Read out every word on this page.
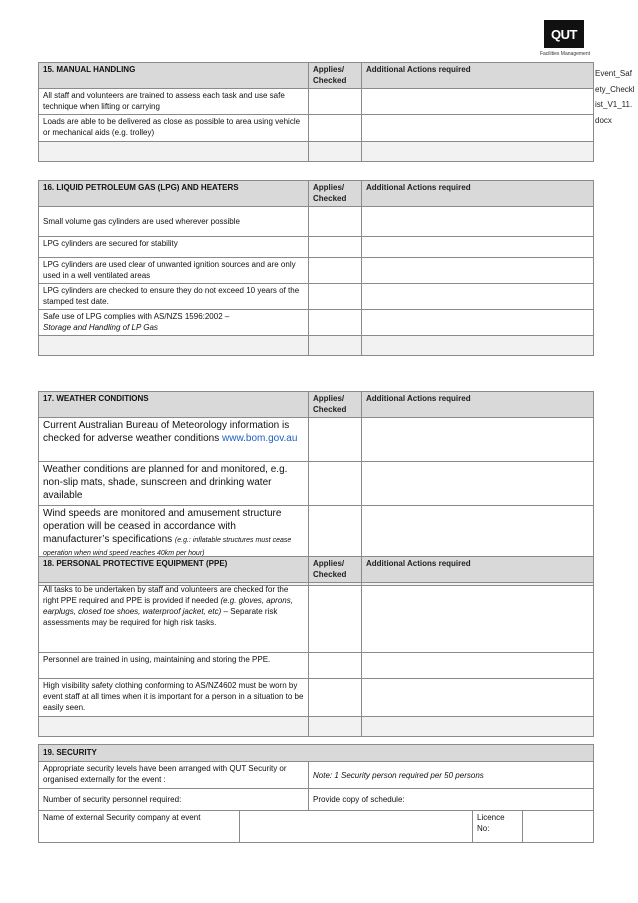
QUT
Facilities Management
Event_Safety_Checklist_V1_11.docx
15. MANUAL HANDLING	Applies/ Checked	Additional Actions required
All staff and volunteers are trained to assess each task and use safe technique when lifting or carrying		
Loads are able to be delivered as close as possible to area using vehicle or mechanical aids (e.g. trolley)		

16. LIQUID PETROLEUM GAS (LPG) AND HEATERS	Applies/ Checked	Additional Actions required
Small volume gas cylinders are used wherever possible		
LPG cylinders are secured for stability		
LPG cylinders are used clear of unwanted ignition sources and are only used in a well ventilated areas		
LPG cylinders are checked to ensure they do not exceed 10 years of the stamped test date.		
Safe use of LPG complies with AS/NZS 1596:2002 –
Storage and Handling of LP Gas		

17. WEATHER CONDITIONS	Applies/ Checked	Additional Actions required
Current Australian Bureau of Meteorology information is checked for adverse weather conditions www.bom.gov.au		
Weather conditions are planned for and monitored, e.g. non-slip mats, shade, sunscreen and drinking water available		
Wind speeds are monitored and amusement structure operation will be ceased in accordance with manufacturer’s specifications (e.g.: inflatable structures must cease operation when wind speed reaches 40km per hour)		

18. PERSONAL PROTECTIVE EQUIPMENT (PPE)	Applies/ Checked	Additional Actions required
All tasks to be undertaken by staff and volunteers are checked for the right PPE required and PPE is provided if needed (e.g. gloves, aprons, earplugs, closed toe shoes, waterproof jacket, etc) – Separate risk assessments may be required for high risk tasks.		
Personnel are trained in using, maintaining and storing the PPE.		
High visibility safety clothing conforming to AS/NZ4602 must be worn by event staff at all times when it is important for a person in a situation to be easily seen.		

19. SECURITY				
Appropriate security levels have been arranged with QUT Security or organised externally for the event :		Note: 1 Security person required per 50 persons		
Number of security personnel required:		Provide copy of schedule:		
Name of external Security company at event			Licence No:	
